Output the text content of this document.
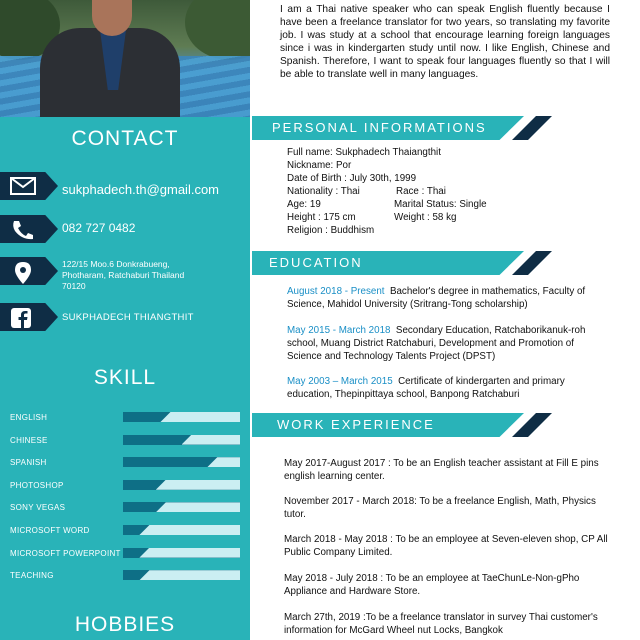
CONTACT
sukphadech.th@gmail.com
082 727 0482
122/15 Moo.6 Donkrabueng,
Photharam, Ratchaburi Thailand
70120
SUKPHADECH THIANGTHIT
SKILL
ENGLISH
CHINESE
SPANISH
PHOTOSHOP
SONY VEGAS
MICROSOFT WORD
MICROSOFT POWERPOINT
TEACHING
HOBBIES
I am a Thai native speaker who can speak English fluently because I have been a freelance translator for two years, so translating my favorite job. I was study at a school that encourage learning foreign languages since i was in kindergarten study until now. I like English, Chinese and Spanish. Therefore, I want to speak four languages fluently so that I will be able to translate well in many languages.
PERSONAL INFORMATIONS
Full name: Sukphadech Thaiangthit
Nickname: Por
Date of Birth : July 30th, 1999
Nationality : Thai	Race : Thai
Age: 19	Marital Status: Single
Height : 175 cm	Weight : 58 kg
Religion : Buddhism
EDUCATION
August 2018 - Present Bachelor's degree in mathematics, Faculty of Science, Mahidol University (Sritrang-Tong scholarship)
May 2015 - March 2018 Secondary Education, Ratchaborikanuk-roh school, Muang District Ratchaburi, Development and Promotion of Science and Technology Talents Project (DPST)
May 2003 – March 2015 Certificate of kindergarten and primary education, Thepinpittaya school, Banpong Ratchaburi
WORK EXPERIENCE
May 2017-August 2017 : To be an English teacher assistant at Fill E pins english learning center.
November 2017 - March 2018: To be a freelance English, Math, Physics tutor.
March 2018 - May 2018 : To be an employee at Seven-eleven shop, CP All Public Company Limited.
May 2018 - July 2018 : To be an employee at TaeChunLe-Non-gPho Appliance and Hardware Store.
March 27th, 2019 :To be a freelance translator in survey Thai customer's information for McGard Wheel nut Locks, Bangkok
